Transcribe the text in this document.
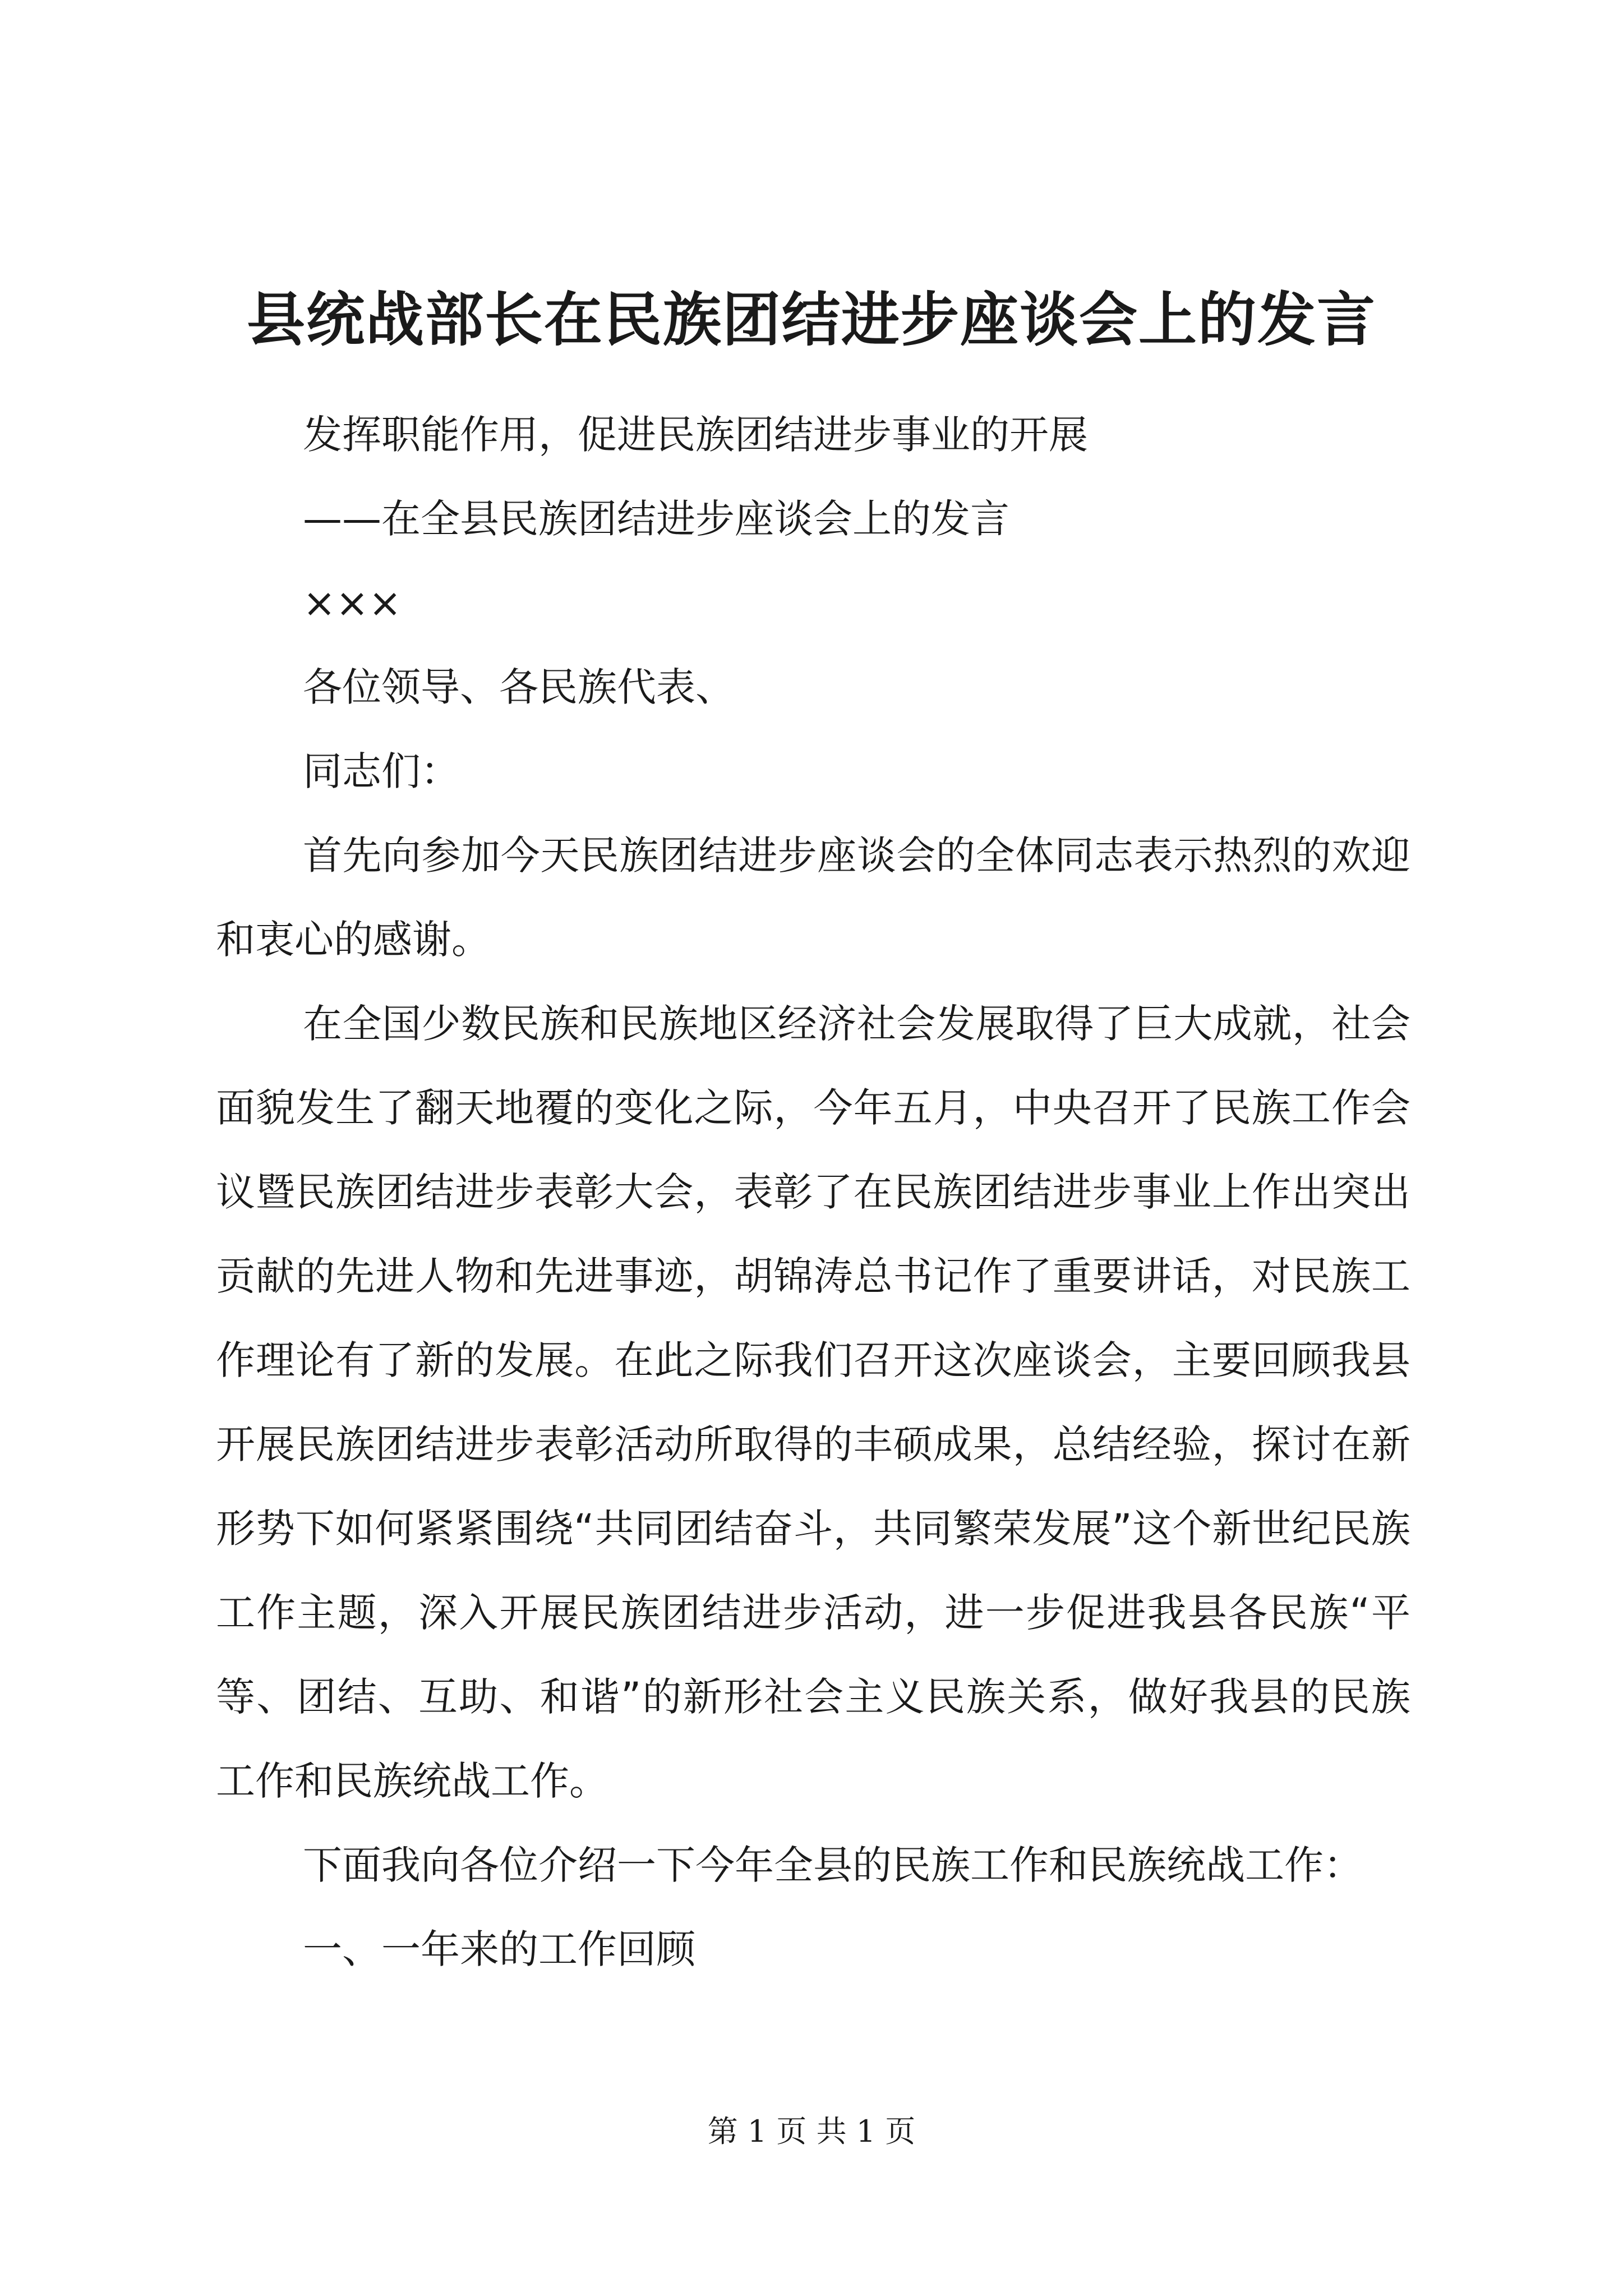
县统战部长在民族团结进步座谈会上的发言

发挥职能作用，促进民族团结进步事业的开展

——在全县民族团结进步座谈会上的发言

×××

各位领导、各民族代表、

同志们：

首先向参加今天民族团结进步座谈会的全体同志表示热烈的欢迎和衷心的感谢。

在全国少数民族和民族地区经济社会发展取得了巨大成就，社会面貌发生了翻天地覆的变化之际，今年五月，中央召开了民族工作会议暨民族团结进步表彰大会，表彰了在民族团结进步事业上作出突出贡献的先进人物和先进事迹，胡锦涛总书记作了重要讲话，对民族工作理论有了新的发展。在此之际我们召开这次座谈会，主要回顾我县开展民族团结进步表彰活动所取得的丰硕成果，总结经验，探讨在新形势下如何紧紧围绕“共同团结奋斗，共同繁荣发展”这个新世纪民族工作主题，深入开展民族团结进步活动，进一步促进我县各民族“平等、团结、互助、和谐”的新形社会主义民族关系，做好我县的民族工作和民族统战工作。

下面我向各位介绍一下今年全县的民族工作和民族统战工作：

一、一年来的工作回顾

第 1 页 共 1 页
